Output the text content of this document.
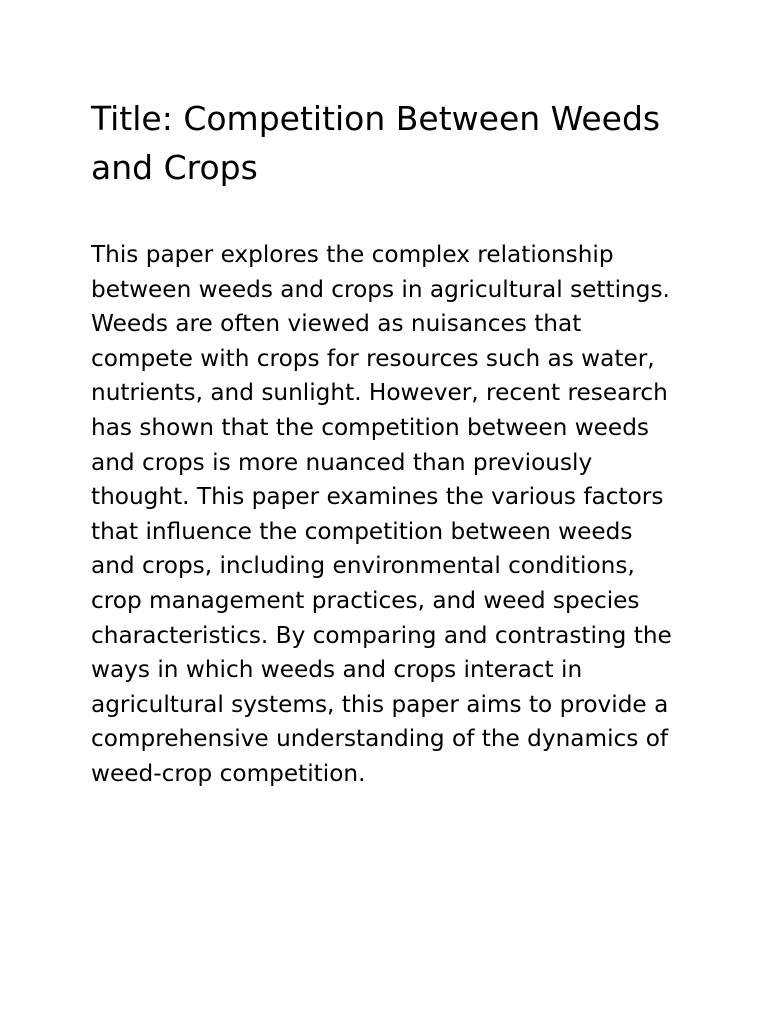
Title: Competition Between Weeds and Crops

This paper explores the complex relationship between weeds and crops in agricultural settings. Weeds are often viewed as nuisances that compete with crops for resources such as water, nutrients, and sunlight. However, recent research has shown that the competition between weeds and crops is more nuanced than previously thought. This paper examines the various factors that influence the competition between weeds and crops, including environmental conditions, crop management practices, and weed species characteristics. By comparing and contrasting the ways in which weeds and crops interact in agricultural systems, this paper aims to provide a comprehensive understanding of the dynamics of weed-crop competition.
